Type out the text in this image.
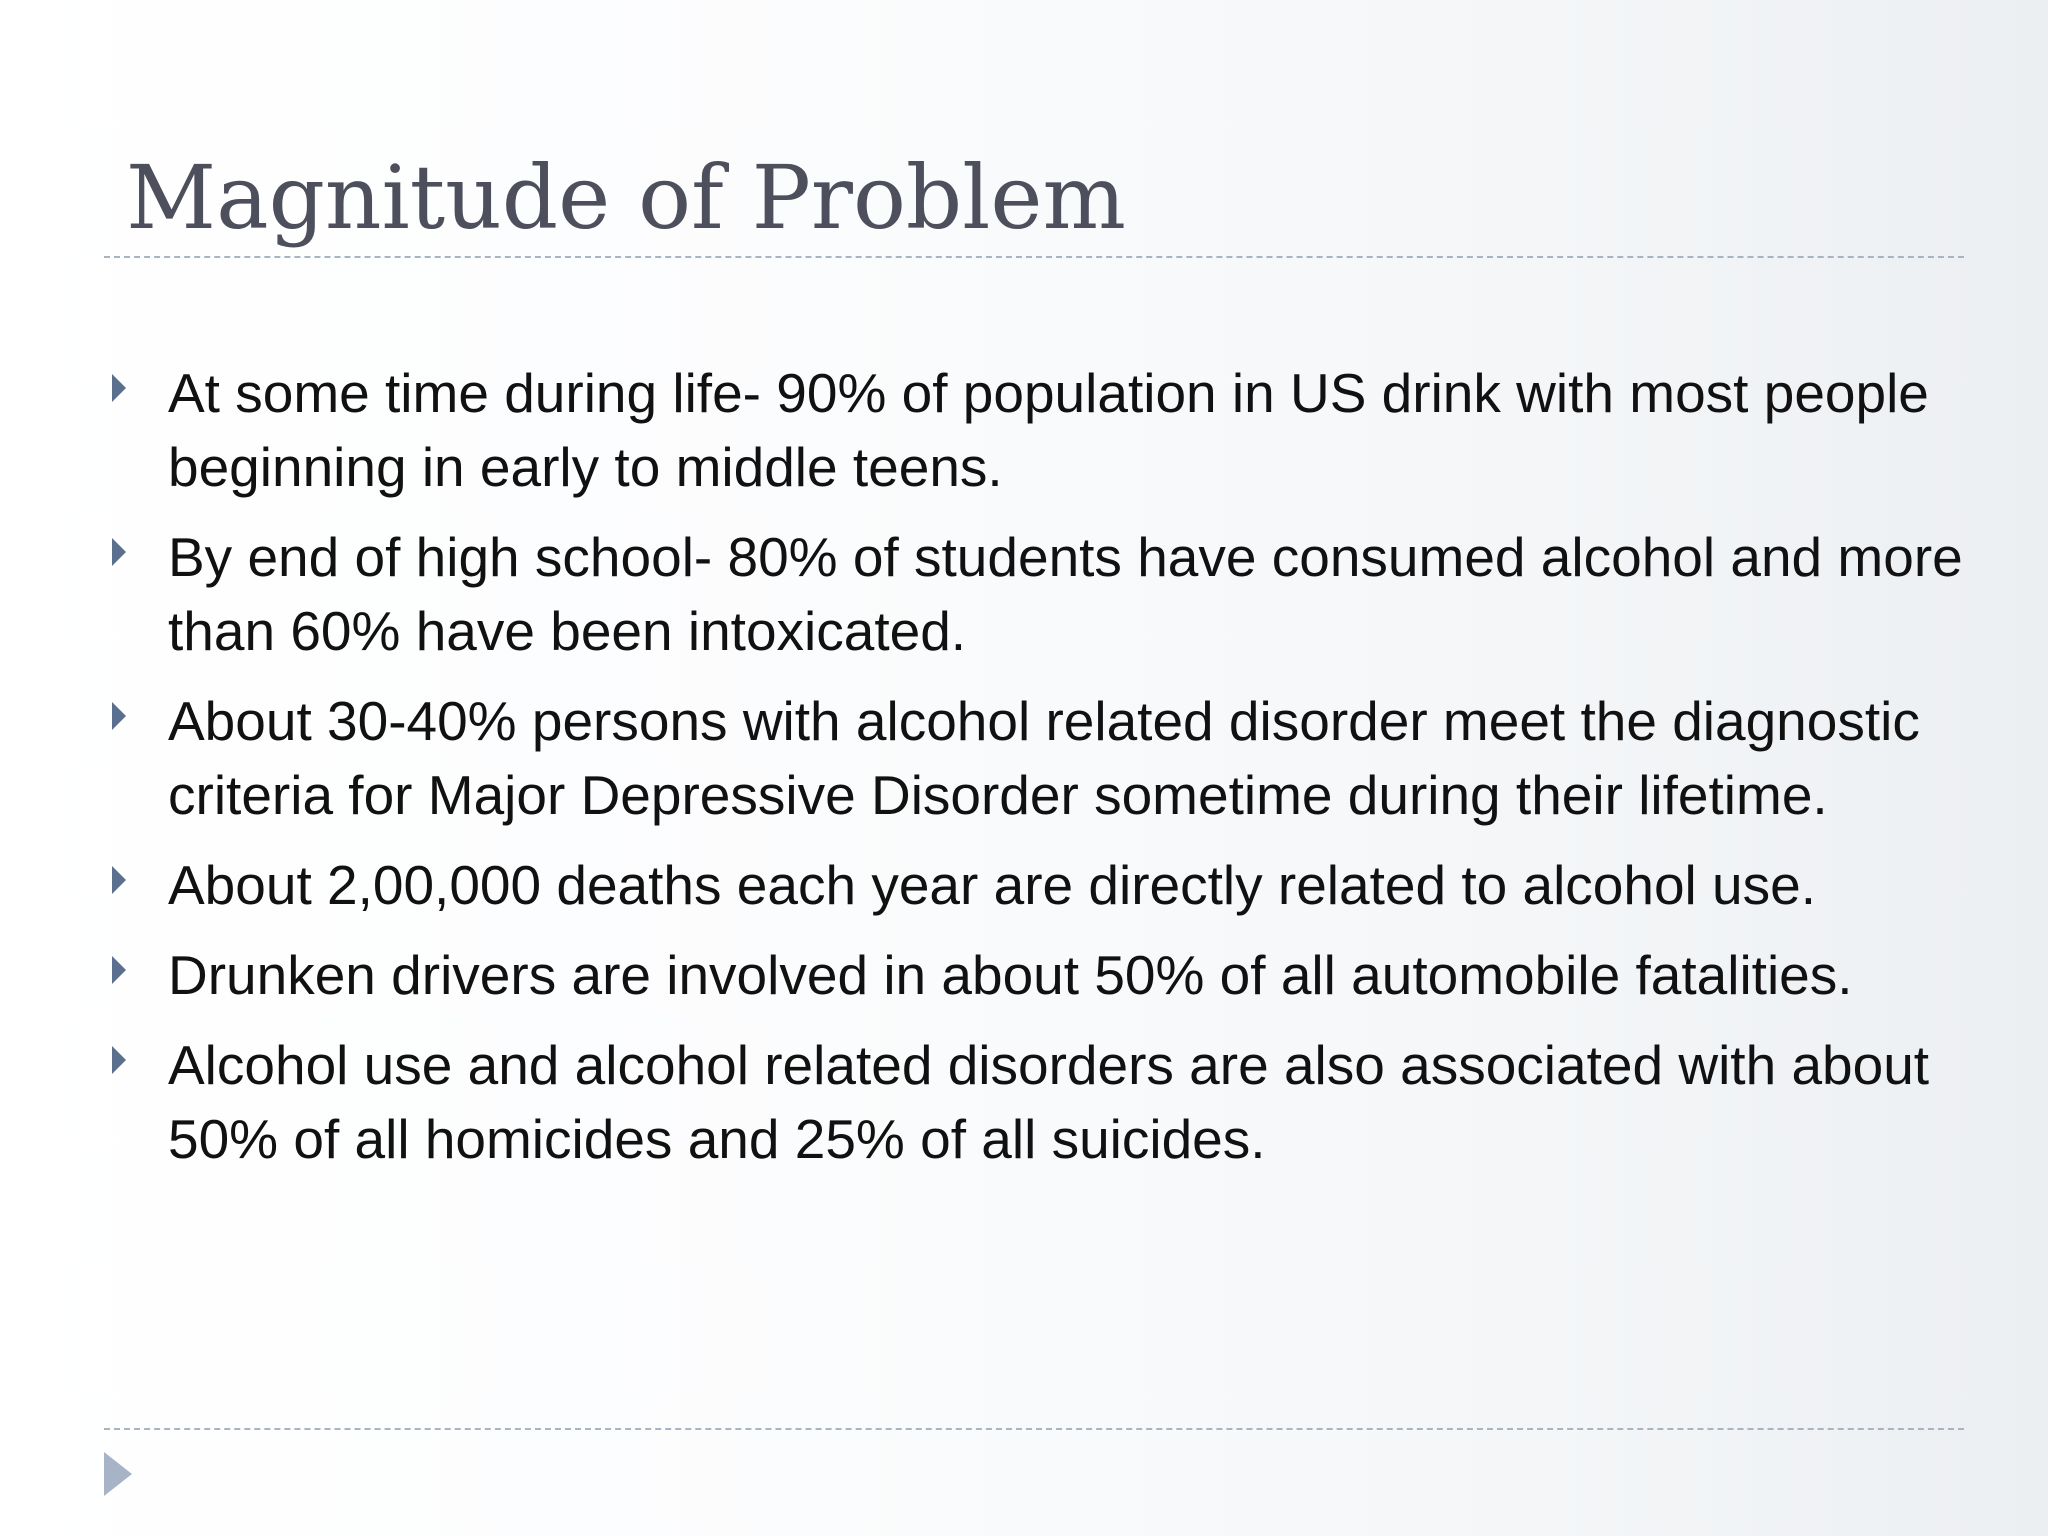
Magnitude of Problem
At some time during life- 90% of population in US drink with most people beginning in early to middle teens.
By end of high school- 80% of students have consumed alcohol and more than 60% have been intoxicated.
About 30-40% persons with alcohol related disorder meet the diagnostic criteria for Major Depressive Disorder sometime during their lifetime.
About 2,00,000 deaths each year are directly related to alcohol use.
Drunken drivers are involved in about 50% of all automobile fatalities.
Alcohol use and alcohol related disorders are also associated with about 50% of all homicides and 25% of all suicides.
